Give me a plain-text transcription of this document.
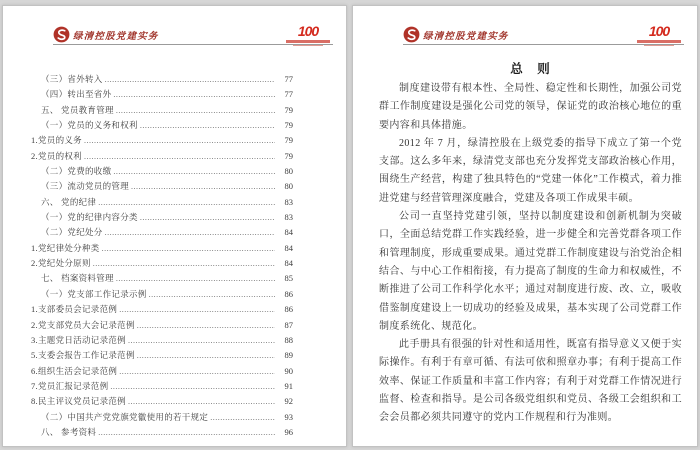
绿清控股党建实务	100
（三）省外转入 .....	77
（四）转出至省外 .....	77
五、 党员教育管理 .....	79
（一）党员的义务和权利 .....	79
1.党员的义务 .....	79
2.党员的权利 .....	79
（二）党费的收缴 .....	80
（三）流动党员的管理 .....	80
六、 党的纪律 .....	83
（一）党的纪律内容分类 .....	83
（二）党纪处分 .....	84
1.党纪律处分种类 .....	84
2.党纪处分原则 .....	84
七、 档案资料管理 .....	85
（一）党支部工作记录示例 .....	86
1.支部委员会记录范例 .....	86
2.党支部党员大会记录范例 .....	87
3.主题党日活动记录范例 .....	88
5.支委会报告工作记录范例 .....	89
6.组织生活会记录范例 .....	90
7.党员汇报记录范例 .....	91
8.民主评议党员记录范例 .....	92
（二）中国共产党党旗党徽使用的若干规定 .....	93
八、 参考资料 .....	96
绿清控股党建实务	100
总　则

制度建设带有根本性、全局性、稳定性和长期性，加强公司党群工作制度建设是强化公司党的领导，保证党的政治核心地位的重要内容和具体措施。

2012 年 7 月，绿清控股在上级党委的指导下成立了第一个党支部。这么多年来，绿清党支部也充分发挥党支部政治核心作用，围绕生产经营，构建了独具特色的“党建一体化”工作模式，着力推进党建与经营管理深度融合，党建及各项工作成果丰硕。

公司一直坚持党建引领，坚持以制度建设和创新机制为突破口，全面总结党群工作实践经验，进一步健全和完善党群各项工作和管理制度，形成重要成果。通过党群工作制度建设与治党治企相结合、与中心工作相衔接，有力提高了制度的生命力和权威性，不断推进了公司工作科学化水平；通过对制度进行废、改、立，吸收借鉴制度建设上一切成功的经验及成果，基本实现了公司党群工作制度系统化、规范化。

此手册具有很强的针对性和适用性，既富有指导意义又便于实际操作。有利于有章可循、有法可依和照章办事；有利于提高工作效率、保证工作质量和丰富工作内容；有利于对党群工作情况进行监督、检查和指导。是公司各级党组织和党员、各级工会组织和工会会员都必须共同遵守的党内工作规程和行为准则。
